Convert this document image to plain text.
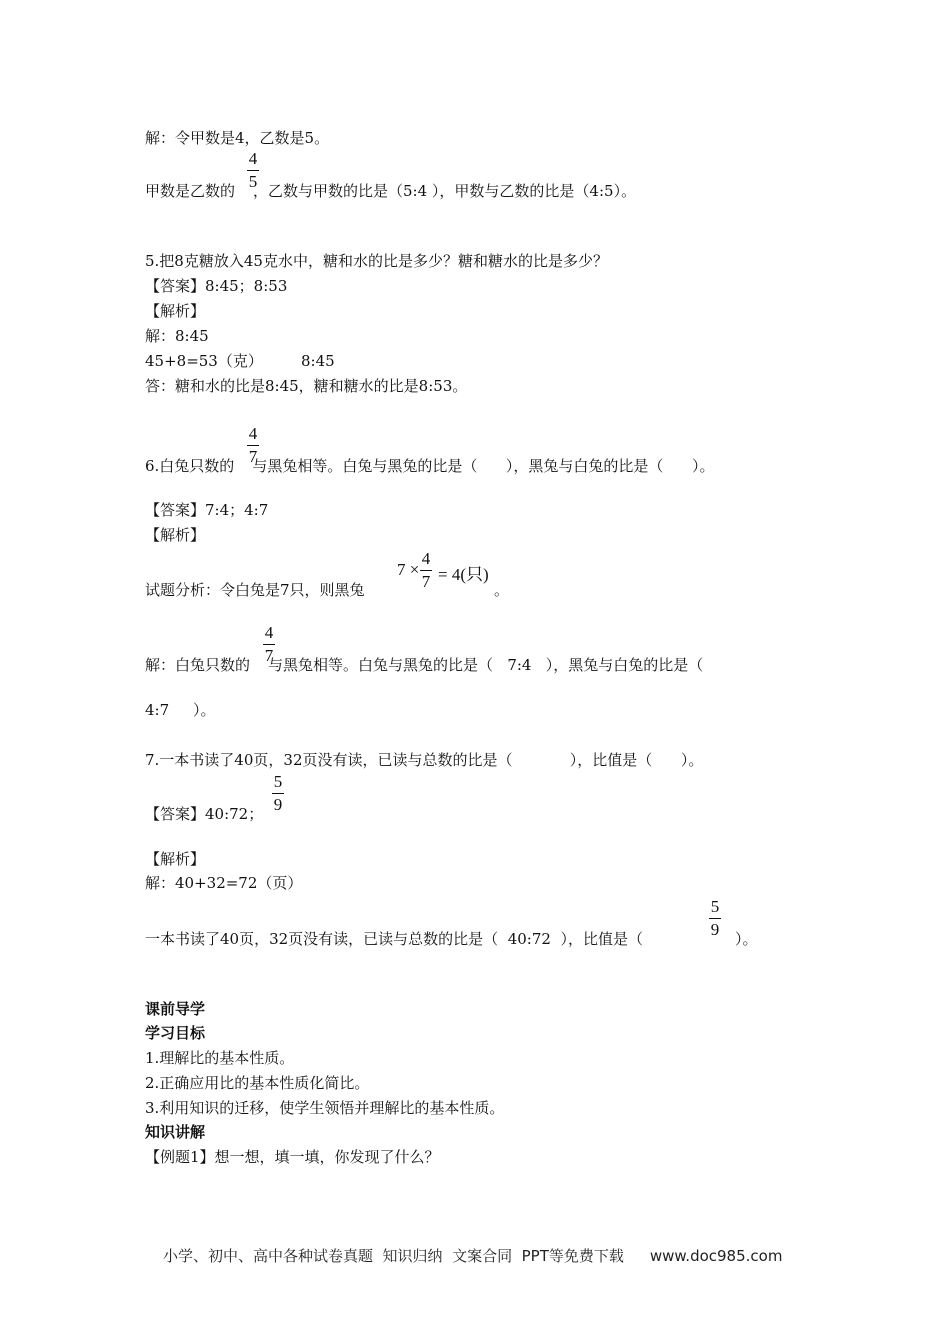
解：令甲数是4，乙数是5。
4
5
甲数是乙数的 ，乙数与甲数的比是（5:4 ），甲数与乙数的比是（4:5）。
5.把8克糖放入45克水中，糖和水的比是多少？糖和糖水的比是多少？
【答案】8:45；8:53
【解析】
解：8:45
45+8=53（克）        8:45
答：糖和水的比是8:45，糖和糖水的比是8:53。
4
7
6.白兔只数的 与黑兔相等。白兔与黑兔的比是（      ），黑兔与白兔的比是（      ）。
【答案】7:4；4:7
【解析】
试题分析：令白兔是7只，则黑兔
7 ×
4
7 = 4(只)
。
4
7
解：白兔只数的 与黑兔相等。白兔与黑兔的比是（   7:4   ），黑兔与白兔的比是（
4:7     ）。
7.一本书读了40页，32页没有读，已读与总数的比是（            ），比值是（      ）。
5
9
【答案】40:72；
【解析】
解：40+32=72（页）
5
9
一本书读了40页，32页没有读，已读与总数的比是（  40:72  ），比值是（	）。
课前导学
学习目标
1.理解比的基本性质。
2.正确应用比的基本性质化简比。
3.利用知识的迁移，使学生领悟并理解比的基本性质。
知识讲解
【例题1】想一想，填一填，你发现了什么？
小学、初中、高中各种试卷真题  知识归纳  文案合同  PPT等免费下载 www.doc985.com
